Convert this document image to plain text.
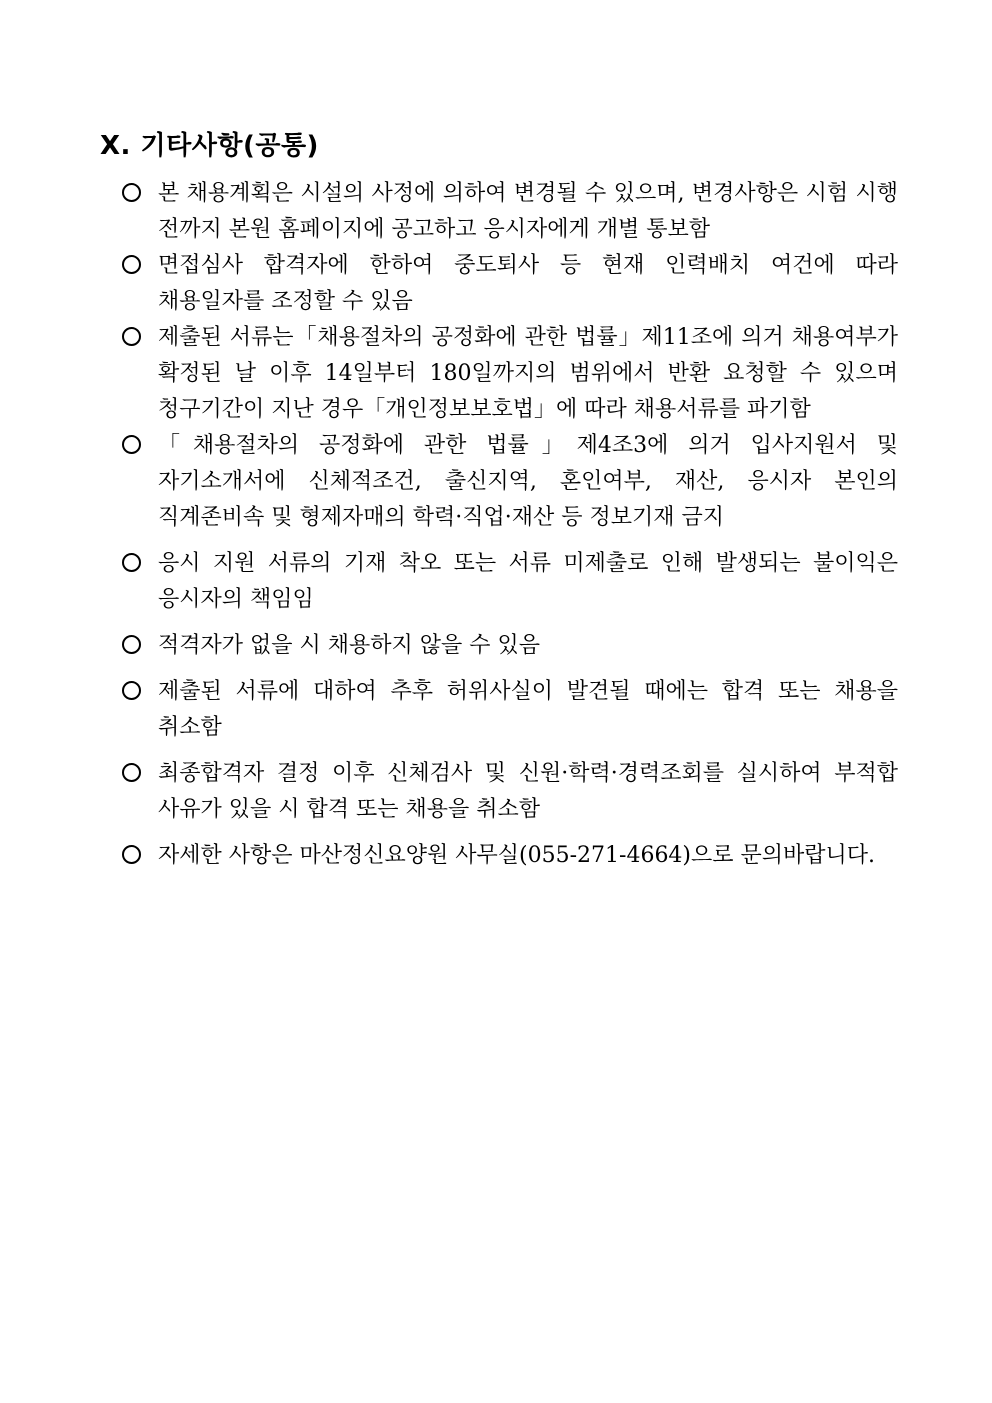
Ⅹ. 기타사항(공통)
본 채용계획은 시설의 사정에 의하여 변경될 수 있으며, 변경사항은 시험 시행 전까지 본원 홈페이지에 공고하고 응시자에게 개별 통보함
면접심사 합격자에 한하여 중도퇴사 등 현재 인력배치 여건에 따라 채용일자를 조정할 수 있음
제출된 서류는「채용절차의 공정화에 관한 법률」제11조에 의거 채용여부가 확정된 날 이후 14일부터 180일까지의 범위에서 반환 요청할 수 있으며 청구기간이 지난 경우「개인정보보호법」에 따라 채용서류를 파기함
「채용절차의 공정화에 관한 법률」제4조3에 의거 입사지원서 및 자기소개서에 신체적조건, 출신지역, 혼인여부, 재산, 응시자 본인의 직계존비속 및 형제자매의 학력·직업·재산 등 정보기재 금지
응시 지원 서류의 기재 착오 또는 서류 미제출로 인해 발생되는 불이익은 응시자의 책임임
적격자가 없을 시 채용하지 않을 수 있음
제출된 서류에 대하여 추후 허위사실이 발견될 때에는 합격 또는 채용을 취소함
최종합격자 결정 이후 신체검사 및 신원·학력·경력조회를 실시하여 부적합 사유가 있을 시 합격 또는 채용을 취소함
자세한 사항은 마산정신요양원 사무실(055-271-4664)으로 문의바랍니다.
